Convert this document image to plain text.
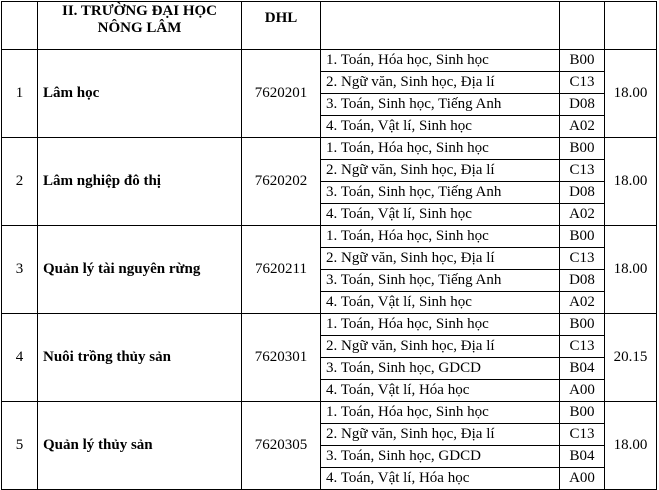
	II. TRƯỜNG ĐẠI HỌC
NÔNG LÂM	DHL			
1	Lâm học	7620201	1. Toán, Hóa học, Sinh học	B00	18.00
			2. Ngữ văn, Sinh học, Địa lí	C13	
			3. Toán, Sinh học, Tiếng Anh	D08	
			4. Toán, Vật lí, Sinh học	A02	
2	Lâm nghiệp đô thị	7620202	1. Toán, Hóa học, Sinh học	B00	18.00
			2. Ngữ văn, Sinh học, Địa lí	C13	
			3. Toán, Sinh học, Tiếng Anh	D08	
			4. Toán, Vật lí, Sinh học	A02	
3	Quản lý tài nguyên rừng	7620211	1. Toán, Hóa học, Sinh học	B00	18.00
			2. Ngữ văn, Sinh học, Địa lí	C13	
			3. Toán, Sinh học, Tiếng Anh	D08	
			4. Toán, Vật lí, Sinh học	A02	
4	Nuôi trồng thủy sản	7620301	1. Toán, Hóa học, Sinh học	B00	20.15
			2. Ngữ văn, Sinh học, Địa lí	C13	
			3. Toán, Sinh học, GDCD	B04	
			4. Toán, Vật lí, Hóa học	A00	
5	Quản lý thủy sản	7620305	1. Toán, Hóa học, Sinh học	B00	18.00
			2. Ngữ văn, Sinh học, Địa lí	C13	
			3. Toán, Sinh học, GDCD	B04	
			4. Toán, Vật lí, Hóa học	A00	
